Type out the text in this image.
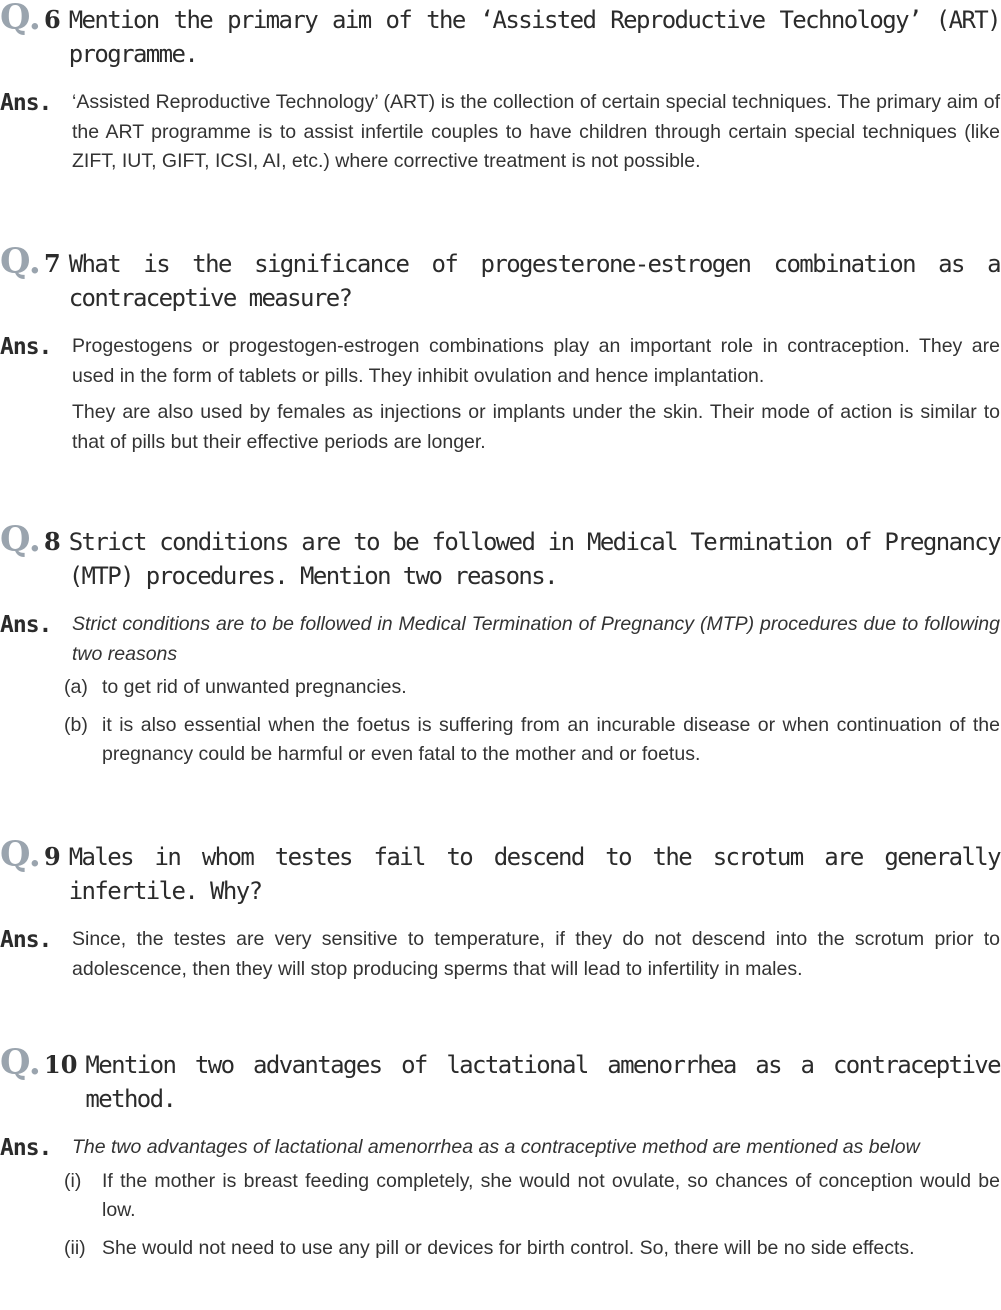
Q. 6 Mention the primary aim of the ‘Assisted Reproductive Technology’ (ART) programme.
Ans.	‘Assisted Reproductive Technology’ (ART) is the collection of certain special techniques. The primary aim of the ART programme is to assist infertile couples to have children through certain special techniques (like ZIFT, IUT, GIFT, ICSI, AI, etc.) where corrective treatment is not possible.

Q. 7 What is the significance of progesterone-estrogen combination as a contraceptive measure?
Ans.	Progestogens or progestogen-estrogen combinations play an important role in contraception. They are used in the form of tablets or pills. They inhibit ovulation and hence implantation.

They are also used by females as injections or implants under the skin. Their mode of action is similar to that of pills but their effective periods are longer.

Q. 8 Strict conditions are to be followed in Medical Termination of Pregnancy (MTP) procedures. Mention two reasons.
Ans.	Strict conditions are to be followed in Medical Termination of Pregnancy (MTP) procedures due to following two reasons

(a) to get rid of unwanted pregnancies.
(b) it is also essential when the foetus is suffering from an incurable disease or when continuation of the pregnancy could be harmful or even fatal to the mother and or foetus.
Q. 9 Males in whom testes fail to descend to the scrotum are generally infertile. Why?
Ans.	Since, the testes are very sensitive to temperature, if they do not descend into the scrotum prior to adolescence, then they will stop producing sperms that will lead to infertility in males.

Q. 10 Mention two advantages of lactational amenorrhea as a contraceptive method.
Ans.	The two advantages of lactational amenorrhea as a contraceptive method are mentioned as below

(i)	If the mother is breast feeding completely, she would not ovulate, so chances of conception would be low.
(ii) She would not need to use any pill or devices for birth control. So, there will be no side effects.
